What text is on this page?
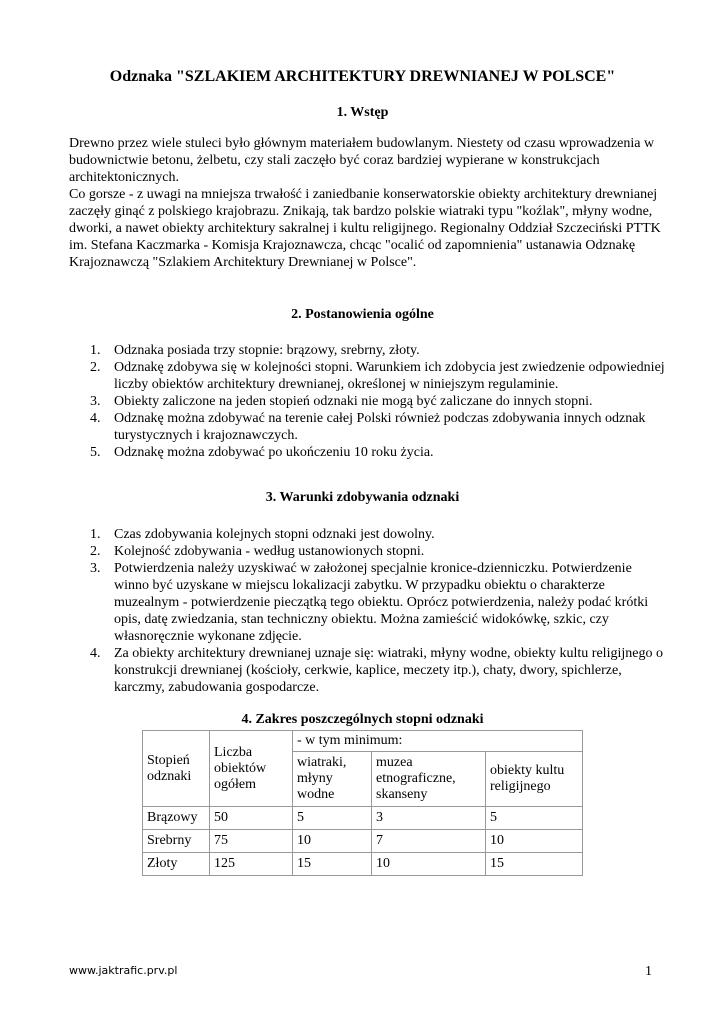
Odznaka "SZLAKIEM ARCHITEKTURY DREWNIANEJ W POLSCE"
1. Wstęp

Drewno przez wiele stuleci było głównym materiałem budowlanym. Niestety od czasu wprowadzenia w budownictwie betonu, żelbetu, czy stali zaczęło być coraz bardziej wypierane w konstrukcjach architektonicznych.

Co gorsze - z uwagi na mniejsza trwałość i zaniedbanie konserwatorskie obiekty architektury drewnianej zaczęły ginąć z polskiego krajobrazu. Znikają, tak bardzo polskie wiatraki typu "koźlak", młyny wodne, dworki, a nawet obiekty architektury sakralnej i kultu religijnego. Regionalny Oddział Szczeciński PTTK im. Stefana Kaczmarka - Komisja Krajoznawcza, chcąc "ocalić od zapomnienia" ustanawia Odznakę Krajoznawczą "Szlakiem Architektury Drewnianej w Polsce".

2. Postanowienia ogólne
1. Odznaka posiada trzy stopnie: brązowy, srebrny, złoty.
2. Odznakę zdobywa się w kolejności stopni. Warunkiem ich zdobycia jest zwiedzenie odpowiedniej liczby obiektów architektury drewnianej, określonej w niniejszym regulaminie.
3. Obiekty zaliczone na jeden stopień odznaki nie mogą być zaliczane do innych stopni.
4. Odznakę można zdobywać na terenie całej Polski również podczas zdobywania innych odznak turystycznych i krajoznawczych.
5. Odznakę można zdobywać po ukończeniu 10 roku życia.
3. Warunki zdobywania odznaki
1. Czas zdobywania kolejnych stopni odznaki jest dowolny.
2. Kolejność zdobywania - według ustanowionych stopni.
3. Potwierdzenia należy uzyskiwać w założonej specjalnie kronice-dzienniczku. Potwierdzenie winno być uzyskane w miejscu lokalizacji zabytku. W przypadku obiektu o charakterze muzealnym - potwierdzenie pieczątką tego obiektu. Oprócz potwierdzenia, należy podać krótki opis, datę zwiedzania, stan techniczny obiektu. Można zamieścić widokówkę, szkic, czy własnoręcznie wykonane zdjęcie.
4. Za obiekty architektury drewnianej uznaje się: wiatraki, młyny wodne, obiekty kultu religijnego o konstrukcji drewnianej (kościoły, cerkwie, kaplice, meczety itp.), chaty, dwory, spichlerze, karczmy, zabudowania gospodarcze.
4. Zakres poszczególnych stopni odznaki
Stopień odznaki	Liczba obiektów ogółem	- w tym minimum:		
		wiatraki, młyny wodne	muzea etnograficzne, skanseny	obiekty kultu religijnego
Brązowy	50	5	3	5
Srebrny	75	10	7	10
Złoty	125	15	10	15
www.jaktrafic.prv.pl	1
